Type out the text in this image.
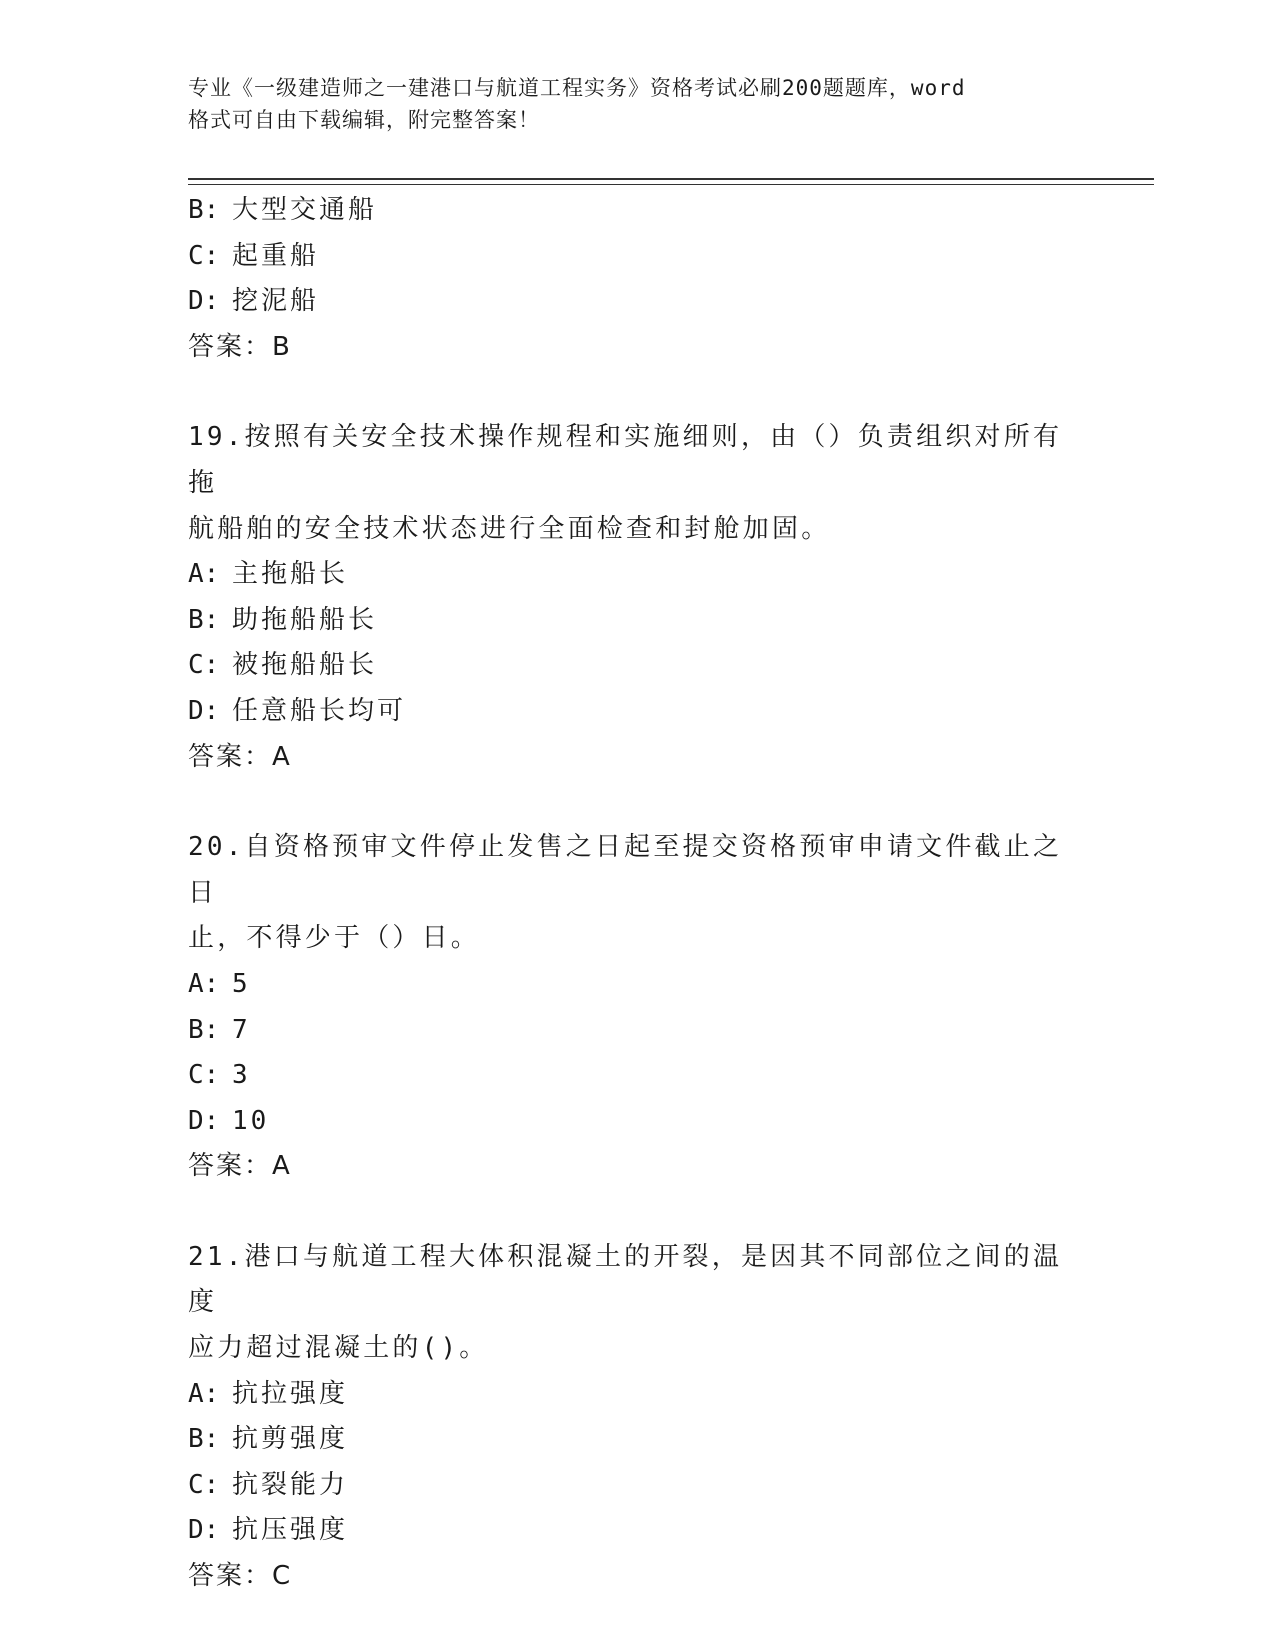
专业《一级建造师之一建港口与航道工程实务》资格考试必刷200题题库，word
格式可自由下载编辑，附完整答案！
B: 大型交通船
C: 起重船
D: 挖泥船
答案：B
19.按照有关安全技术操作规程和实施细则，由（）负责组织对所有拖
航船舶的安全技术状态进行全面检查和封舱加固。
A: 主拖船长
B: 助拖船船长
C: 被拖船船长
D: 任意船长均可
答案：A
20.自资格预审文件停止发售之日起至提交资格预审申请文件截止之日
止，不得少于（）日。
A: 5
B: 7
C: 3
D: 10
答案：A
21.港口与航道工程大体积混凝土的开裂，是因其不同部位之间的温度
应力超过混凝土的()。
A: 抗拉强度
B: 抗剪强度
C: 抗裂能力
D: 抗压强度
答案：C
